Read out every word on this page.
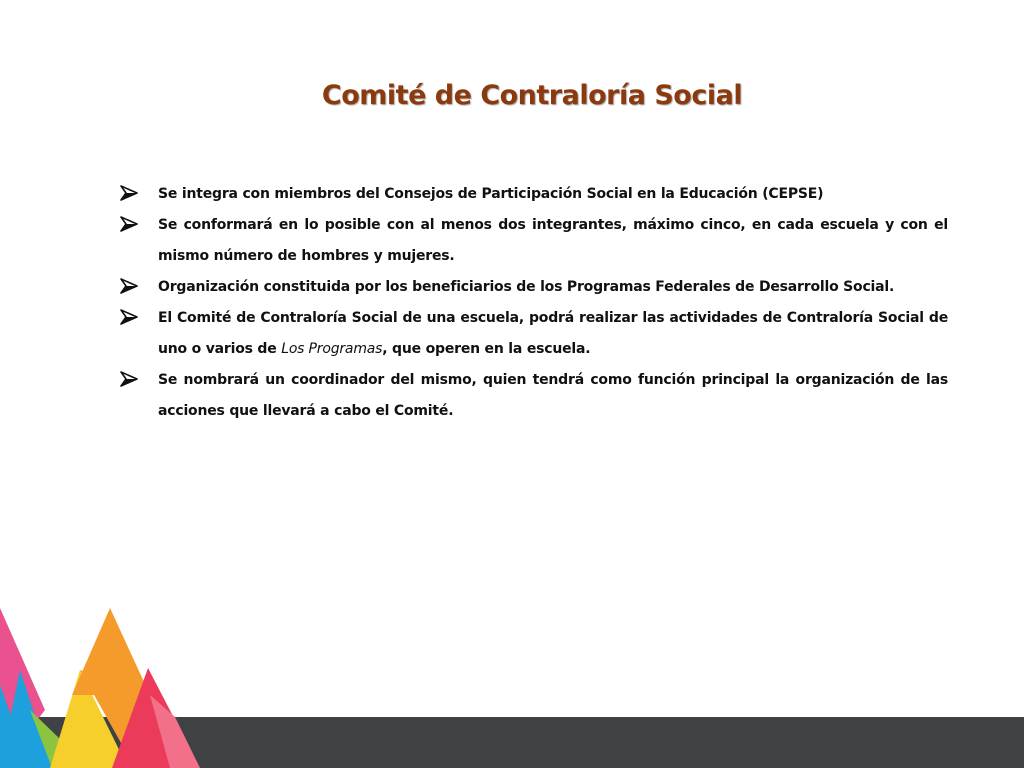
Comité de Contraloría Social
Se integra con miembros del Consejos de Participación Social en la Educación (CEPSE)
Se conformará en lo posible con al menos dos integrantes, máximo cinco, en cada escuela y con el mismo número de hombres y mujeres.
Organización constituida por los beneficiarios de los Programas Federales de Desarrollo Social.
El Comité de Contraloría Social de una escuela, podrá realizar las actividades de Contraloría Social de uno o varios de Los Programas, que operen en la escuela.
Se nombrará un coordinador del mismo, quien tendrá como función principal la organización de las acciones que llevará a cabo el Comité.
